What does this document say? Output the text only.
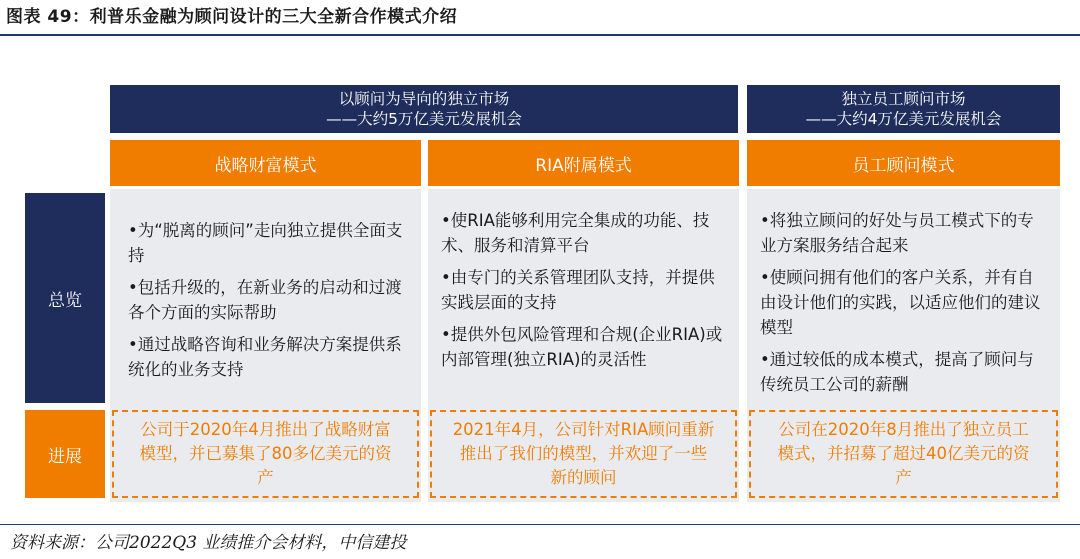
图表 49：利普乐金融为顾问设计的三大全新合作模式介绍
以顾问为导向的独立市场
——大约5万亿美元发展机会
独立员工顾问市场
——大约4万亿美元发展机会
战略财富模式	RIA附属模式	员工顾问模式
总览
进展

•为“脱离的顾问”走向独立提供全面支持

•包括升级的，在新业务的启动和过渡各个方面的实际帮助

•通过战略咨询和业务解决方案提供系统化的业务支持

•使RIA能够利用完全集成的功能、技术、服务和清算平台

•由专门的关系管理团队支持，并提供实践层面的支持

•提供外包风险管理和合规(企业RIA)或内部管理(独立RIA)的灵活性

•将独立顾问的好处与员工模式下的专业方案服务结合起来

•使顾问拥有他们的客户关系，并有自由设计他们的实践，以适应他们的建议模型

•通过较低的成本模式，提高了顾问与传统员工公司的薪酬

公司于2020年4月推出了战略财富
模型，并已募集了80多亿美元的资
产
2021年4月，公司针对RIA顾问重新
推出了我们的模型，并欢迎了一些
新的顾问
公司在2020年8月推出了独立员工
模式，并招募了超过40亿美元的资
产
资料来源：公司2022Q3 业绩推介会材料，中信建投
